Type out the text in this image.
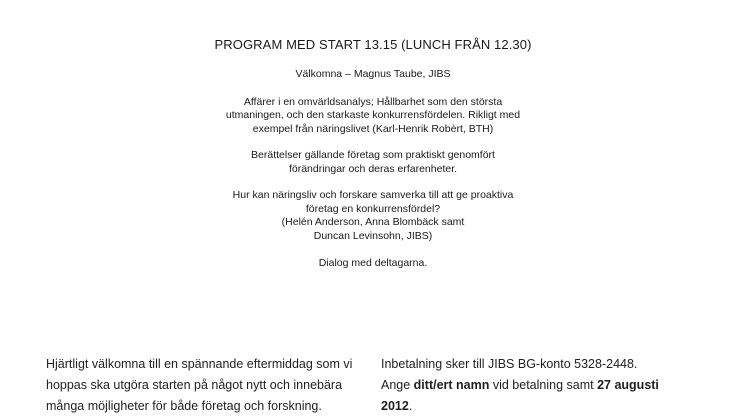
PROGRAM MED START 13.15 (LUNCH FRÅN 12.30)

Välkomna – Magnus Taube, JIBS

Affärer i en omvärldsanalys; Hållbarhet som den största
utmaningen, och den starkaste konkurrensfördelen. Rikligt med
exempel från näringslivet (Karl-Henrik Robèrt, BTH)

Berättelser gällande företag som praktiskt genomfört
förändringar och deras erfarenheter.

Hur kan näringsliv och forskare samverka till att ge proaktiva
företag en konkurrensfördel?
(Helén Anderson, Anna Blombäck samt
Duncan Levinsohn, JIBS)

Dialog med deltagarna.

Hjärtligt välkomna till en spännande eftermiddag som vi
hoppas ska utgöra starten på något nytt och innebära
många möjligheter för både företag och forskning.
Inbetalning sker till JIBS BG-konto 5328-2448.
Ange ditt/ert namn vid betalning samt 27 augusti
2012.
